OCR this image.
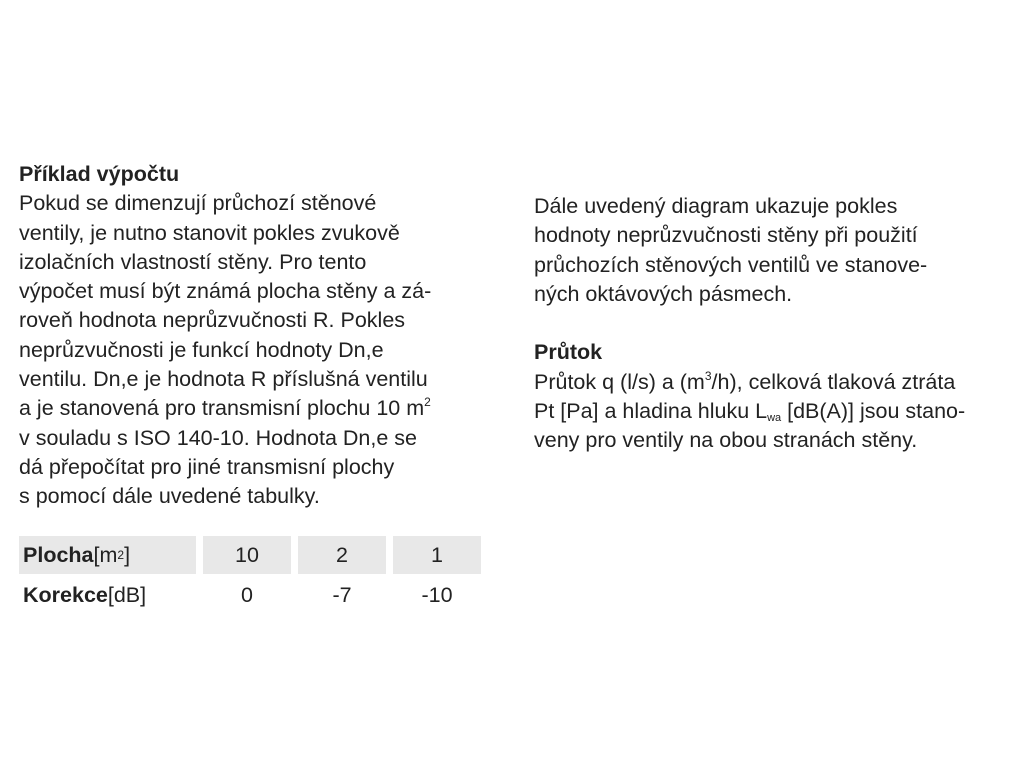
Příklad výpočtu
Pokud se dimenzují průchozí stěnové
ventily, je nutno stanovit pokles zvukově
izolačních vlastností stěny. Pro tento
výpočet musí být známá plocha stěny a zá-
roveň hodnota neprůzvučnosti R. Pokles
neprůzvučnosti je funkcí hodnoty Dn,e
ventilu. Dn,e je hodnota R příslušná ventilu
a je stanovená pro transmisní plochu 10 $m^2$
v souladu s ISO 140-10. Hodnota Dn,e se
dá přepočítat pro jiné transmisní plochy
s pomocí dále uvedené tabulky.
Dále uvedený diagram ukazuje pokles
hodnoty neprůzvučnosti stěny při použití
průchozích stěnových ventilů ve stanove-
ných oktávových pásmech.
Průtok
Průtok q (l/s) a $(m^3/h)$, celková tlaková ztráta
Pt [Pa] a hladina hluku $L_{wa}$ [dB(A)] jsou stano-
veny pro ventily na obou stranách stěny.
Plocha [m 2 ]	10	2	1
Korekce [dB]	0	-7	-10
